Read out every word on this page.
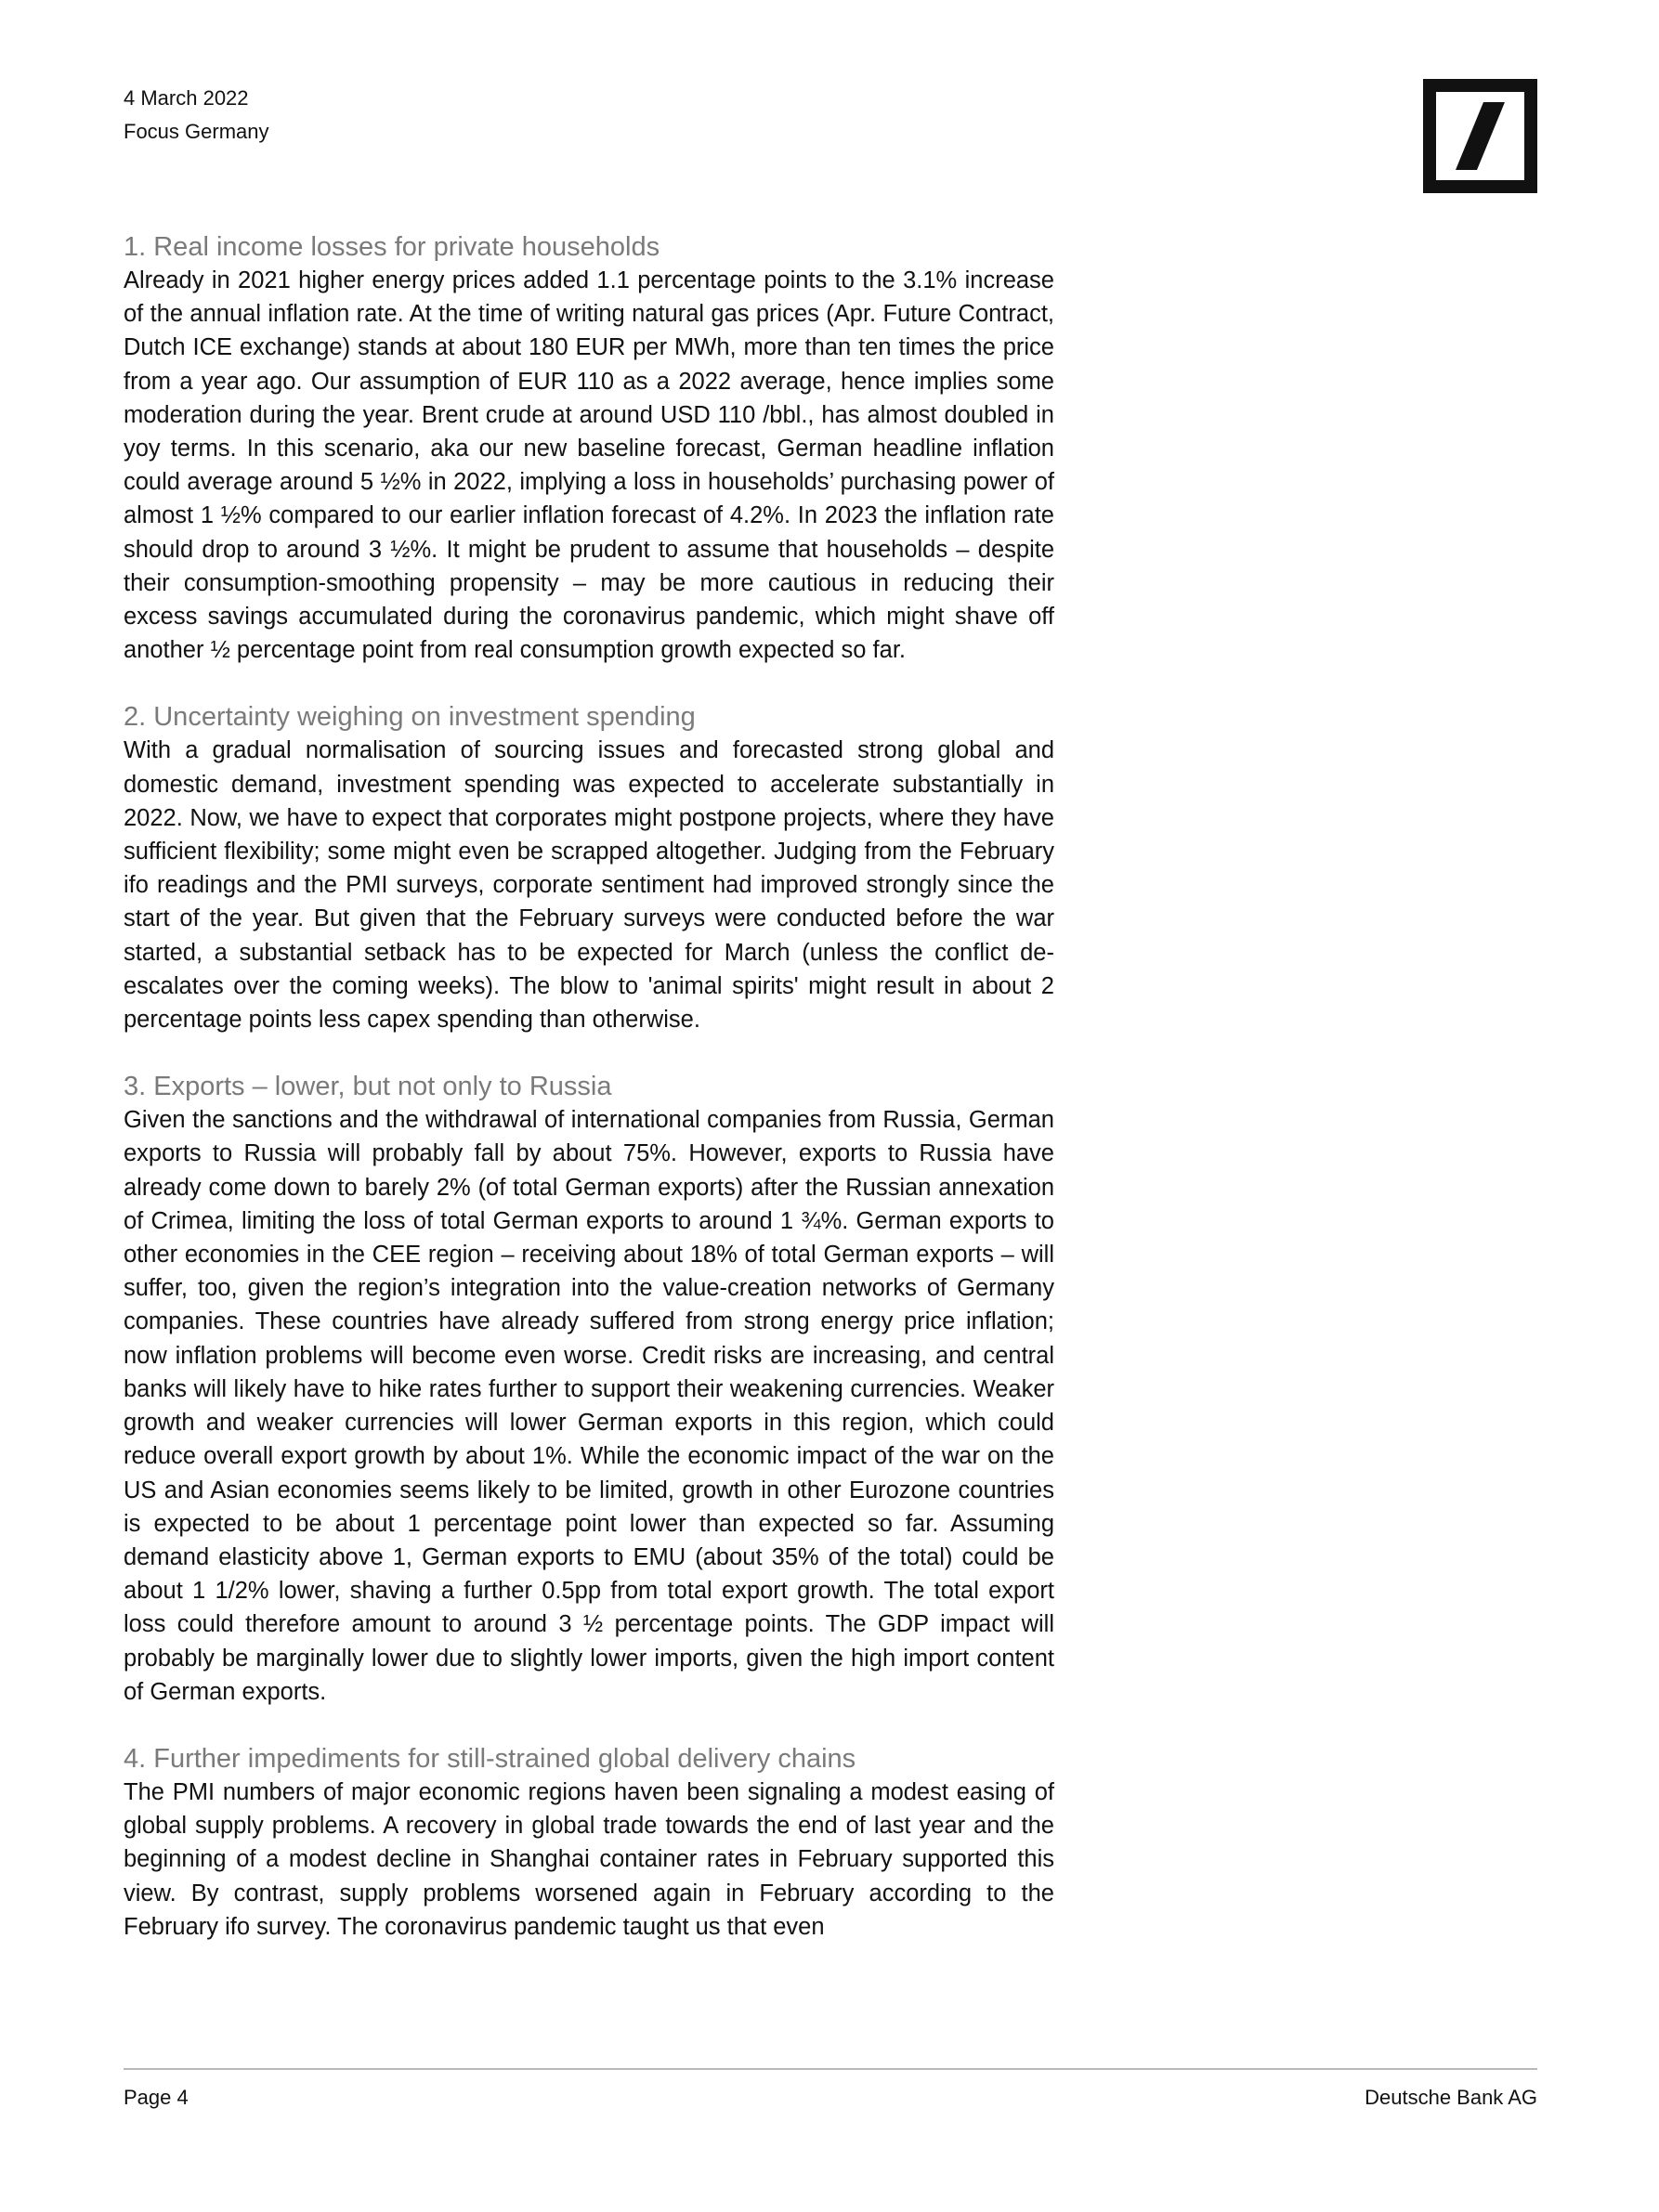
4 March 2022
Focus Germany
1. Real income losses for private households

Already in 2021 higher energy prices added 1.1 percentage points to the 3.1% increase of the annual inflation rate. At the time of writing natural gas prices (Apr. Future Contract, Dutch ICE exchange) stands at about 180 EUR per MWh, more than ten times the price from a year ago. Our assumption of EUR 110 as a 2022 average, hence implies some moderation during the year. Brent crude at around USD 110 /bbl., has almost doubled in yoy terms. In this scenario, aka our new baseline forecast, German headline inflation could average around 5 ½% in 2022, implying a loss in households’ purchasing power of almost 1 ½% compared to our earlier inflation forecast of 4.2%. In 2023 the inflation rate should drop to around 3 ½%. It might be prudent to assume that households – despite their consumption-smoothing propensity – may be more cautious in reducing their excess savings accumulated during the coronavirus pandemic, which might shave off another ½ percentage point from real consumption growth expected so far.

2. Uncertainty weighing on investment spending

With a gradual normalisation of sourcing issues and forecasted strong global and domestic demand, investment spending was expected to accelerate substantially in 2022. Now, we have to expect that corporates might postpone projects, where they have sufficient flexibility; some might even be scrapped altogether. Judging from the February ifo readings and the PMI surveys, corporate sentiment had improved strongly since the start of the year. But given that the February surveys were conducted before the war started, a substantial setback has to be expected for March (unless the conflict de-escalates over the coming weeks). The blow to 'animal spirits' might result in about 2 percentage points less capex spending than otherwise.

3. Exports – lower, but not only to Russia

Given the sanctions and the withdrawal of international companies from Russia, German exports to Russia will probably fall by about 75%. However, exports to Russia have already come down to barely 2% (of total German exports) after the Russian annexation of Crimea, limiting the loss of total German exports to around 1 ¾%. German exports to other economies in the CEE region – receiving about 18% of total German exports – will suffer, too, given the region’s integration into the value-creation networks of Germany companies. These countries have already suffered from strong energy price inflation; now inflation problems will become even worse. Credit risks are increasing, and central banks will likely have to hike rates further to support their weakening currencies. Weaker growth and weaker currencies will lower German exports in this region, which could reduce overall export growth by about 1%. While the economic impact of the war on the US and Asian economies seems likely to be limited, growth in other Eurozone countries is expected to be about 1 percentage point lower than expected so far. Assuming demand elasticity above 1, German exports to EMU (about 35% of the total) could be about 1 1/2% lower, shaving a further 0.5pp from total export growth. The total export loss could therefore amount to around 3 ½ percentage points. The GDP impact will probably be marginally lower due to slightly lower imports, given the high import content of German exports.

4. Further impediments for still-strained global delivery chains

The PMI numbers of major economic regions haven been signaling a modest easing of global supply problems. A recovery in global trade towards the end of last year and the beginning of a modest decline in Shanghai container rates in February supported this view. By contrast, supply problems worsened again in February according to the February ifo survey. The coronavirus pandemic taught us that even

Page 4	Deutsche Bank AG
